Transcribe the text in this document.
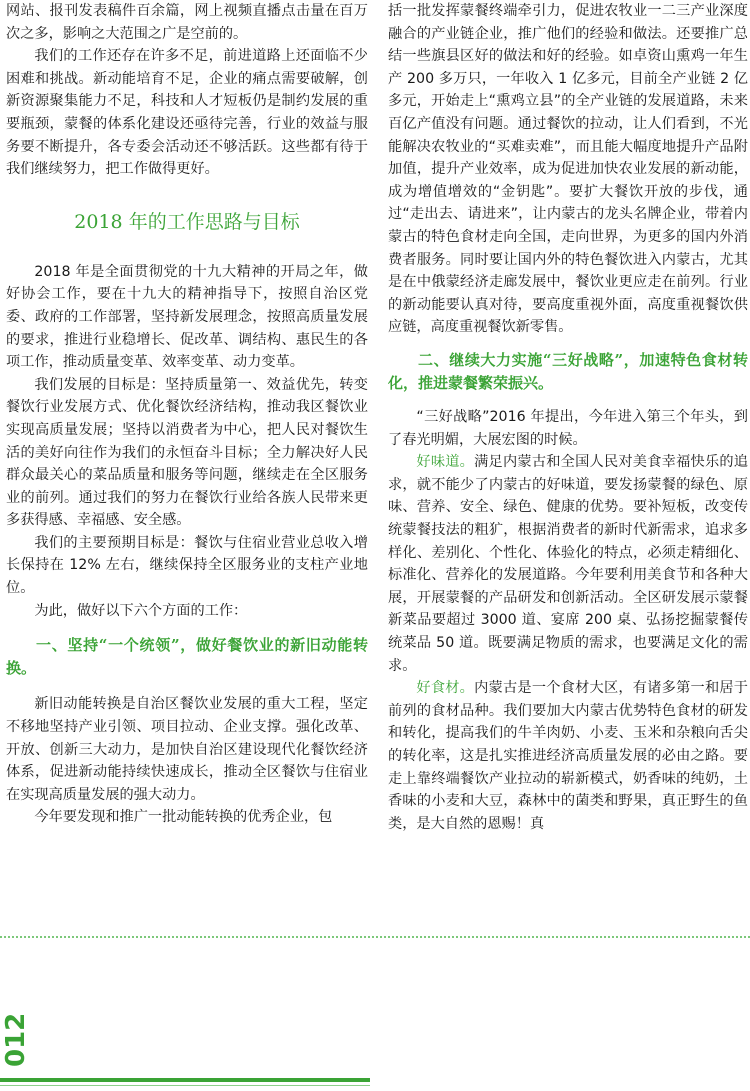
网站、报刊发表稿件百余篇，网上视频直播点击量在百万次之多，影响之大范围之广是空前的。

我们的工作还存在许多不足，前进道路上还面临不少困难和挑战。新动能培育不足，企业的痛点需要破解，创新资源聚集能力不足，科技和人才短板仍是制约发展的重要瓶颈，蒙餐的体系化建设还亟待完善，行业的效益与服务要不断提升，各专委会活动还不够活跃。这些都有待于我们继续努力，把工作做得更好。

2018 年的工作思路与目标

2018 年是全面贯彻党的十九大精神的开局之年，做好协会工作，要在十九大的精神指导下，按照自治区党委、政府的工作部署，坚持新发展理念，按照高质量发展的要求，推进行业稳增长、促改革、调结构、惠民生的各项工作，推动质量变革、效率变革、动力变革。

我们发展的目标是：坚持质量第一、效益优先，转变餐饮行业发展方式、优化餐饮经济结构，推动我区餐饮业实现高质量发展；坚持以消费者为中心，把人民对餐饮生活的美好向往作为我们的永恒奋斗目标；全力解决好人民群众最关心的菜品质量和服务等问题，继续走在全区服务业的前列。通过我们的努力在餐饮行业给各族人民带来更多获得感、幸福感、安全感。

我们的主要预期目标是：餐饮与住宿业营业总收入增长保持在 12% 左右，继续保持全区服务业的支柱产业地位。

为此，做好以下六个方面的工作：

一、坚持“一个统领”，做好餐饮业的新旧动能转换。

新旧动能转换是自治区餐饮业发展的重大工程，坚定不移地坚持产业引领、项目拉动、企业支撑。强化改革、开放、创新三大动力，是加快自治区建设现代化餐饮经济体系，促进新动能持续快速成长，推动全区餐饮与住宿业在实现高质量发展的强大动力。

今年要发现和推广一批动能转换的优秀企业，包

括一批发挥蒙餐终端牵引力，促进农牧业一二三产业深度融合的产业链企业，推广他们的经验和做法。还要推广总结一些旗县区好的做法和好的经验。如卓资山熏鸡一年生产 200 多万只，一年收入 1 亿多元，目前全产业链 2 亿多元，开始走上“熏鸡立县”的全产业链的发展道路，未来百亿产值没有问题。通过餐饮的拉动，让人们看到，不光能解决农牧业的“买难卖难”，而且能大幅度地提升产品附加值，提升产业效率，成为促进加快农业发展的新动能，成为增值增效的“金钥匙”。要扩大餐饮开放的步伐，通过“走出去、请进来”，让内蒙古的龙头名牌企业，带着内蒙古的特色食材走向全国，走向世界，为更多的国内外消费者服务。同时要让国内外的特色餐饮进入内蒙古，尤其是在中俄蒙经济走廊发展中，餐饮业更应走在前列。行业的新动能要认真对待，要高度重视外面，高度重视餐饮供应链，高度重视餐饮新零售。

二、继续大力实施“三好战略”，加速特色食材转化，推进蒙餐繁荣振兴。

“三好战略”2016 年提出，今年进入第三个年头，到了春光明媚，大展宏图的时候。

好味道。满足内蒙古和全国人民对美食幸福快乐的追求，就不能少了内蒙古的好味道，要发扬蒙餐的绿色、原味、营养、安全、绿色、健康的优势。要补短板，改变传统蒙餐技法的粗犷，根据消费者的新时代新需求，追求多样化、差别化、个性化、体验化的特点，必须走精细化、标准化、营养化的发展道路。今年要利用美食节和各种大展，开展蒙餐的产品研发和创新活动。全区研发展示蒙餐新菜品要超过 3000 道、宴席 200 桌、弘扬挖掘蒙餐传统菜品 50 道。既要满足物质的需求，也要满足文化的需求。

好食材。内蒙古是一个食材大区，有诸多第一和居于前列的食材品种。我们要加大内蒙古优势特色食材的研发和转化，提高我们的牛羊肉奶、小麦、玉米和杂粮向舌尖的转化率，这是扎实推进经济高质量发展的必由之路。要走上靠终端餐饮产业拉动的崭新模式，奶香味的纯奶，土香味的小麦和大豆，森林中的菌类和野果，真正野生的鱼类，是大自然的恩赐！真

012
